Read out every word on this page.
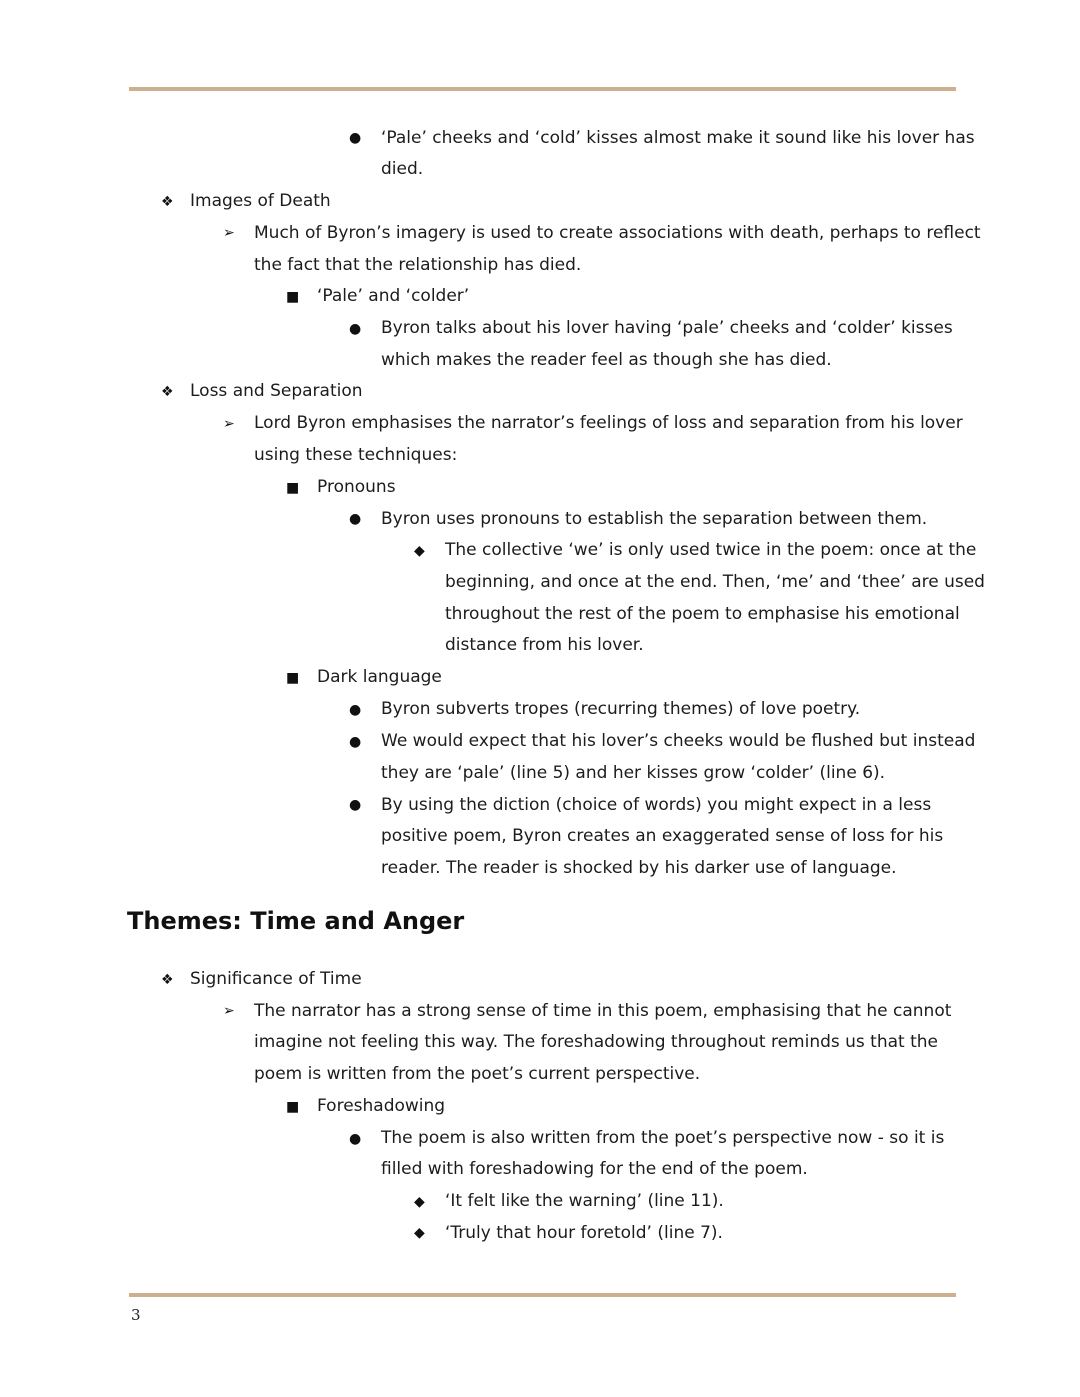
● ‘Pale’ cheeks and ‘cold’ kisses almost make it sound like his lover has
died.
❖ Images of Death
➢ Much of Byron’s imagery is used to create associations with death, perhaps to reflect
the fact that the relationship has died.
■ ‘Pale’ and ‘colder’
● Byron talks about his lover having ‘pale’ cheeks and ‘colder’ kisses
which makes the reader feel as though she has died.
❖ Loss and Separation
➢ Lord Byron emphasises the narrator’s feelings of loss and separation from his lover
using these techniques:
■ Pronouns
● Byron uses pronouns to establish the separation between them.
◆ The collective ‘we’ is only used twice in the poem: once at the
beginning, and once at the end. Then, ‘me’ and ‘thee’ are used
throughout the rest of the poem to emphasise his emotional
distance from his lover.
■ Dark language
● Byron subverts tropes (recurring themes) of love poetry.
● We would expect that his lover’s cheeks would be flushed but instead
they are ‘pale’ (line 5) and her kisses grow ‘colder’ (line 6).
● By using the diction (choice of words) you might expect in a less
positive poem, Byron creates an exaggerated sense of loss for his
reader. The reader is shocked by his darker use of language.
Themes: Time and Anger
❖ Significance of Time
➢ The narrator has a strong sense of time in this poem, emphasising that he cannot
imagine not feeling this way. The foreshadowing throughout reminds us that the
poem is written from the poet’s current perspective.
■ Foreshadowing
● The poem is also written from the poet’s perspective now - so it is
filled with foreshadowing for the end of the poem.
◆ ‘It felt like the warning’ (line 11).
◆ ‘Truly that hour foretold’ (line 7).
3
